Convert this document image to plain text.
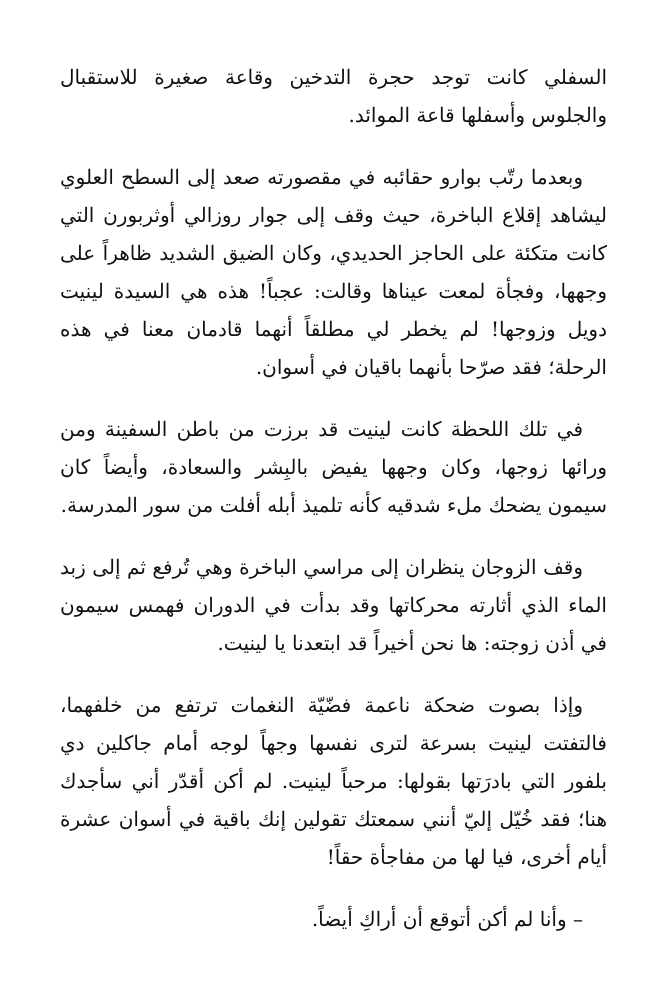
السفلي كانت توجد حجرة التدخين وقاعة صغيرة للاستقبال والجلوس وأسفلها قاعة الموائد.

وبعدما رتّب بوارو حقائبه في مقصورته صعد إلى السطح العلوي ليشاهد إقلاع الباخرة، حيث وقف إلى جوار روزالي أوثربورن التي كانت متكئة على الحاجز الحديدي، وكان الضيق الشديد ظاهراً على وجهها، وفجأة لمعت عيناها وقالت: عجباً! هذه هي السيدة لينيت دويل وزوجها! لم يخطر لي مطلقاً أنهما قادمان معنا في هذه الرحلة؛ فقد صرّحا بأنهما باقيان في أسوان.

في تلك اللحظة كانت لينيت قد برزت من باطن السفينة ومن ورائها زوجها، وكان وجهها يفيض بالبِشر والسعادة، وأيضاً كان سيمون يضحك ملء شدقيه كأنه تلميذ أبله أفلت من سور المدرسة.

وقف الزوجان ينظران إلى مراسي الباخرة وهي تُرفع ثم إلى زبد الماء الذي أثارته محركاتها وقد بدأت في الدوران فهمس سيمون في أذن زوجته: ها نحن أخيراً قد ابتعدنا يا لينيت.

وإذا بصوت ضحكة ناعمة فضّيّة النغمات ترتفع من خلفهما، فالتفتت لينيت بسرعة لترى نفسها وجهاً لوجه أمام جاكلين دي بلفور التي بادرَتها بقولها: مرحباً لينيت. لم أكن أقدّر أني سأجدك هنا؛ فقد خُيّل إليّ أنني سمعتك تقولين إنك باقية في أسوان عشرة أيام أخرى، فيا لها من مفاجأة حقاً!

– وأنا لم أكن أتوقع أن أراكِ أيضاً.
